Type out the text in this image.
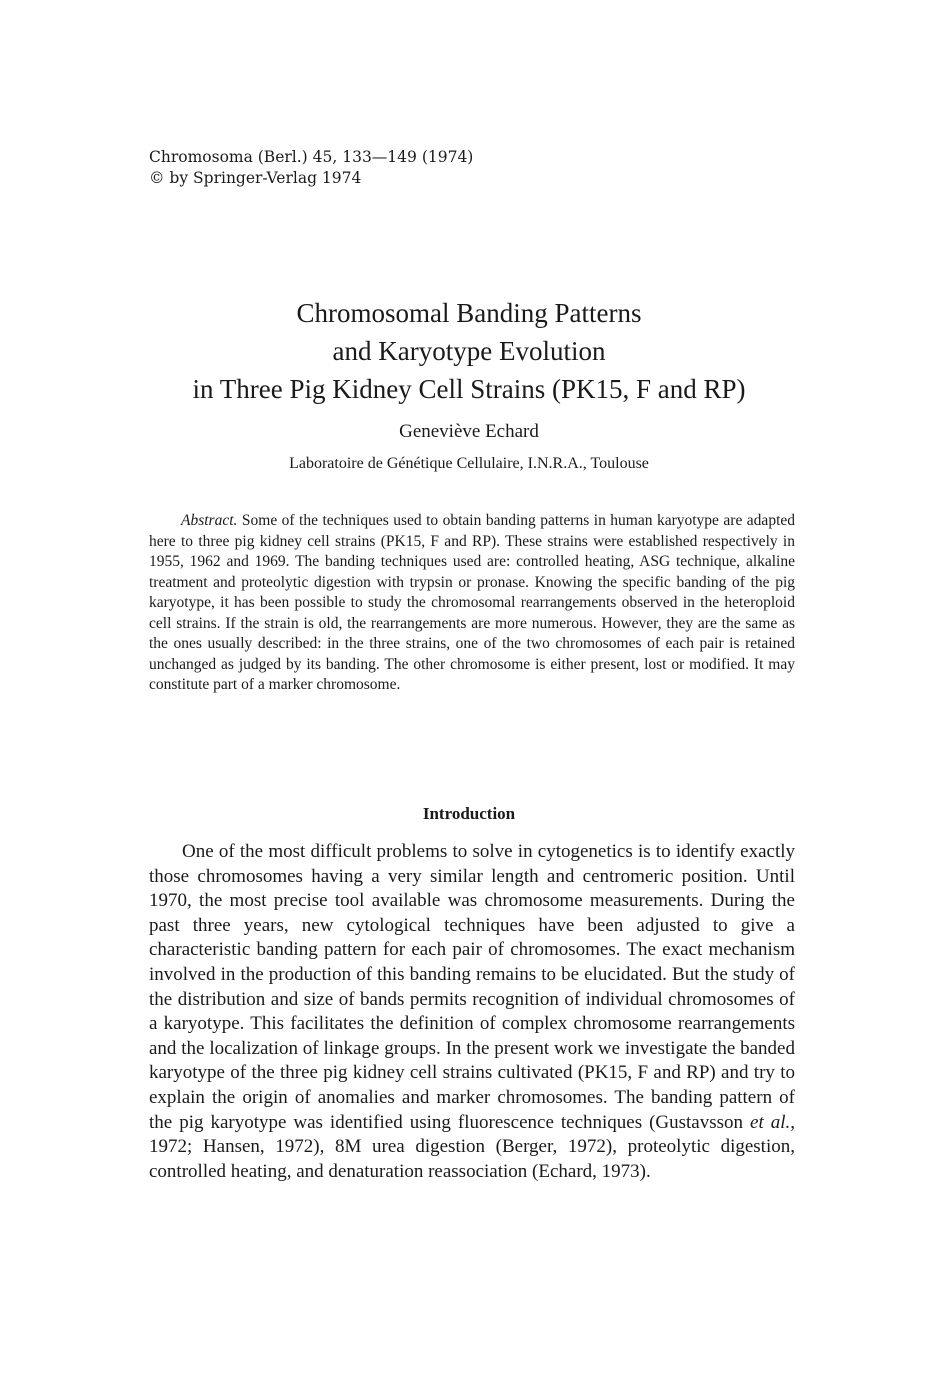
Chromosoma (Berl.) 45, 133—149 (1974)
© by Springer-Verlag 1974
Chromosomal Banding Patterns
and Karyotype Evolution
in Three Pig Kidney Cell Strains (PK15, F and RP)
Geneviève Echard
Laboratoire de Génétique Cellulaire, I.N.R.A., Toulouse
Abstract. Some of the techniques used to obtain banding patterns in human karyotype are adapted here to three pig kidney cell strains (PK15, F and RP). These strains were established respectively in 1955, 1962 and 1969. The banding techniques used are: controlled heating, ASG technique, alkaline treatment and proteolytic digestion with trypsin or pronase. Knowing the specific banding of the pig karyotype, it has been possible to study the chromosomal rearrangements observed in the heteroploid cell strains. If the strain is old, the rearrangements are more numerous. However, they are the same as the ones usually described: in the three strains, one of the two chromosomes of each pair is retained unchanged as judged by its banding. The other chromosome is either present, lost or modified. It may constitute part of a marker chromosome.
Introduction
One of the most difficult problems to solve in cytogenetics is to identify exactly those chromosomes having a very similar length and centromeric position. Until 1970, the most precise tool available was chromosome measurements. During the past three years, new cytological techniques have been adjusted to give a characteristic banding pattern for each pair of chromosomes. The exact mechanism involved in the production of this banding remains to be elucidated. But the study of the distribution and size of bands permits recognition of individual chromosomes of a karyotype. This facilitates the definition of complex chromosome rearrangements and the localization of linkage groups. In the present work we investigate the banded karyotype of the three pig kidney cell strains cultivated (PK15, F and RP) and try to explain the origin of anomalies and marker chromosomes. The banding pattern of the pig karyotype was identified using fluorescence techniques (Gustavsson et al., 1972; Hansen, 1972), 8M urea digestion (Berger, 1972), proteolytic digestion, controlled heating, and denaturation reassociation (Echard, 1973).
